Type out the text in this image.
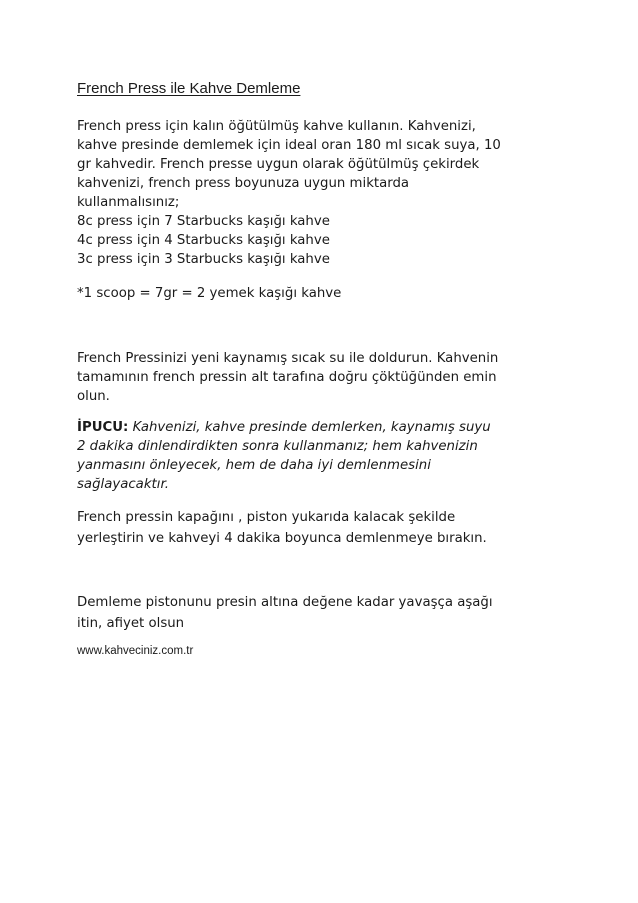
French Press ile Kahve Demleme
French press için kalın öğütülmüş kahve kullanın. Kahvenizi,
kahve presinde demlemek için ideal oran 180 ml sıcak suya, 10
gr kahvedir. French presse uygun olarak öğütülmüş çekirdek
kahvenizi, french press boyunuza uygun miktarda
kullanmalısınız;
8c press için 7 Starbucks kaşığı kahve
4c press için 4 Starbucks kaşığı kahve
3c press için 3 Starbucks kaşığı kahve
*1 scoop = 7gr = 2 yemek kaşığı kahve
French Pressinizi yeni kaynamış sıcak su ile doldurun. Kahvenin
tamamının french pressin alt tarafına doğru çöktüğünden emin
olun.
İPUCU: Kahvenizi, kahve presinde demlerken, kaynamış suyu
2 dakika dinlendirdikten sonra kullanmanız; hem kahvenizin
yanmasını önleyecek, hem de daha iyi demlenmesini
sağlayacaktır.
French pressin kapağını , piston yukarıda kalacak şekilde
yerleştirin ve kahveyi 4 dakika boyunca demlenmeye bırakın.
Demleme pistonunu presin altına değene kadar yavaşça aşağı
itin, afiyet olsun
www.kahveciniz.com.tr
